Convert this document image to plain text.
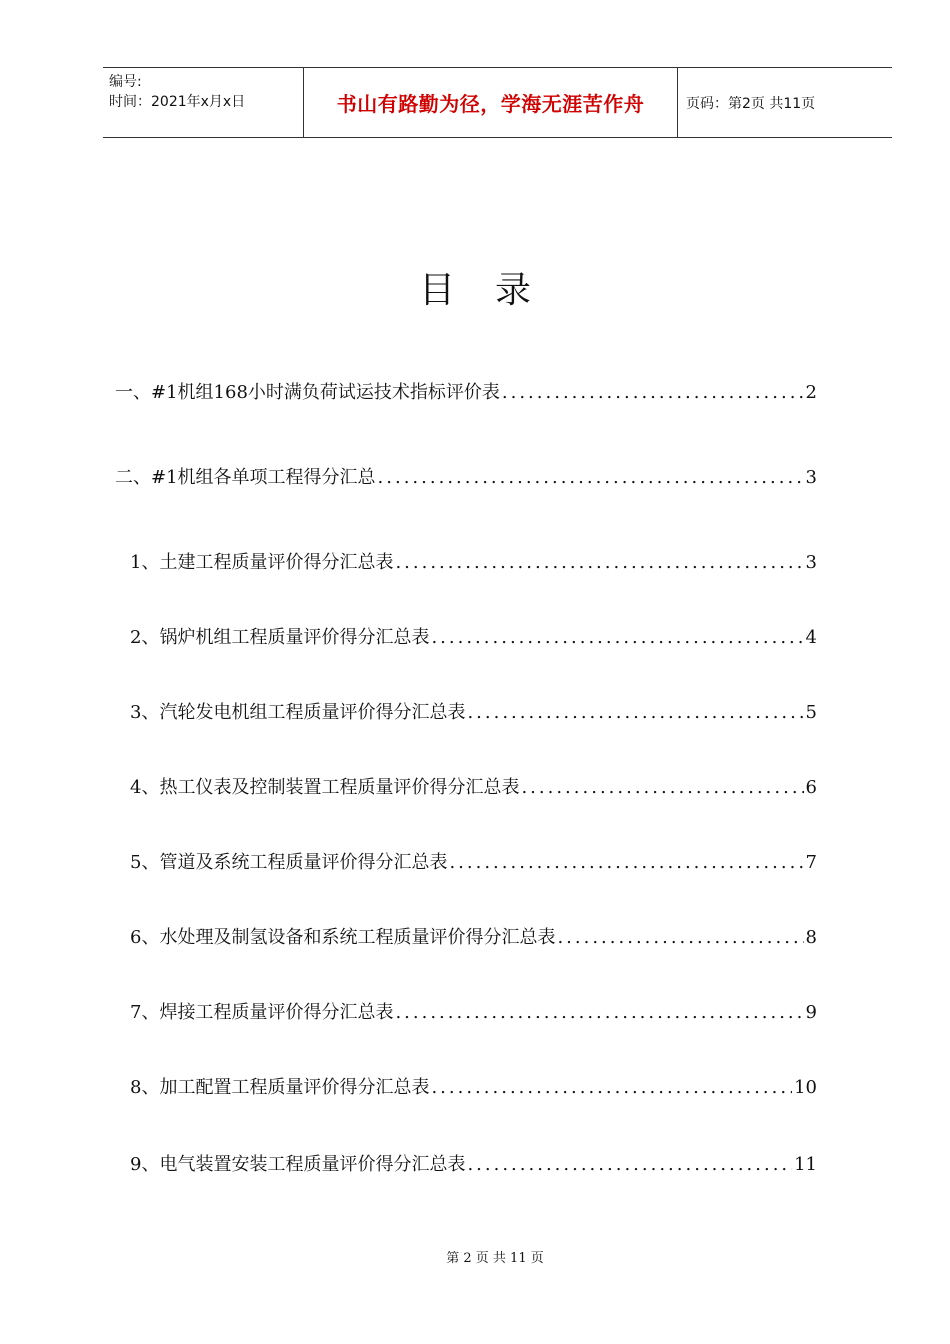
编号:
时间：2021年x月x日	书山有路勤为径，学海无涯苦作舟	页码：第2页 共11页
目录
一、#1机组168小时满负荷试运技术指标评价表 .....	2
二、#1机组各单项工程得分汇总 .....	3
1、土建工程质量评价得分汇总表 .....	3
2、锅炉机组工程质量评价得分汇总表 .....	4
3、汽轮发电机组工程质量评价得分汇总表 .....	5
4、热工仪表及控制装置工程质量评价得分汇总表 .....	6
5、管道及系统工程质量评价得分汇总表 .....	7
6、水处理及制氢设备和系统工程质量评价得分汇总表 .....	8
7、焊接工程质量评价得分汇总表 .....	9
8、加工配置工程质量评价得分汇总表 .....	10
9、电气装置安装工程质量评价得分汇总表 .....	11
第 2 页 共 11 页
